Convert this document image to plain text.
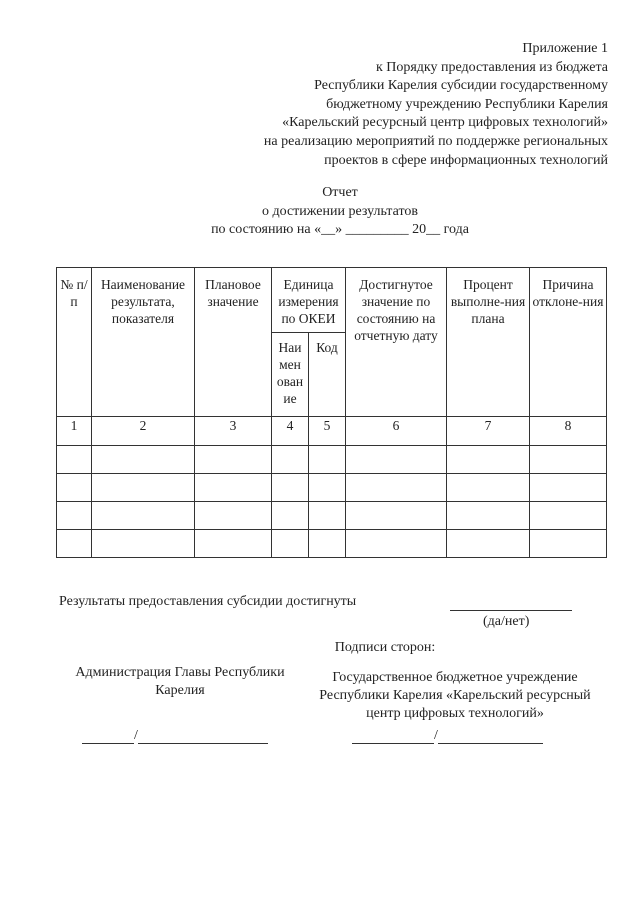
Приложение 1
к Порядку предоставления из бюджета
Республики Карелия субсидии государственному
бюджетному учреждению Республики Карелия
«Карельский ресурсный центр цифровых технологий»
на реализацию мероприятий по поддержке региональных
проектов в сфере информационных технологий
Отчет
о достижении результатов
по состоянию на «__» _________ 20__ года
№ п/п	Наименование результата, показателя	Плановое значение	Единица измерения по ОКЕИ		Достигнутое значение по состоянию на отчетную дату	Процент выполне-ния плана	Причина отклоне-ния
			Наи мен ован ие	Код			
1	2	3	4	5	6	7	8

Результаты предоставления субсидии достигнуты
(да/нет)
Подписи сторон:
Администрация Главы Республики Карелия
Государственное бюджетное учреждение Республики Карелия «Карельский ресурсный центр цифровых технологий»
/	/
